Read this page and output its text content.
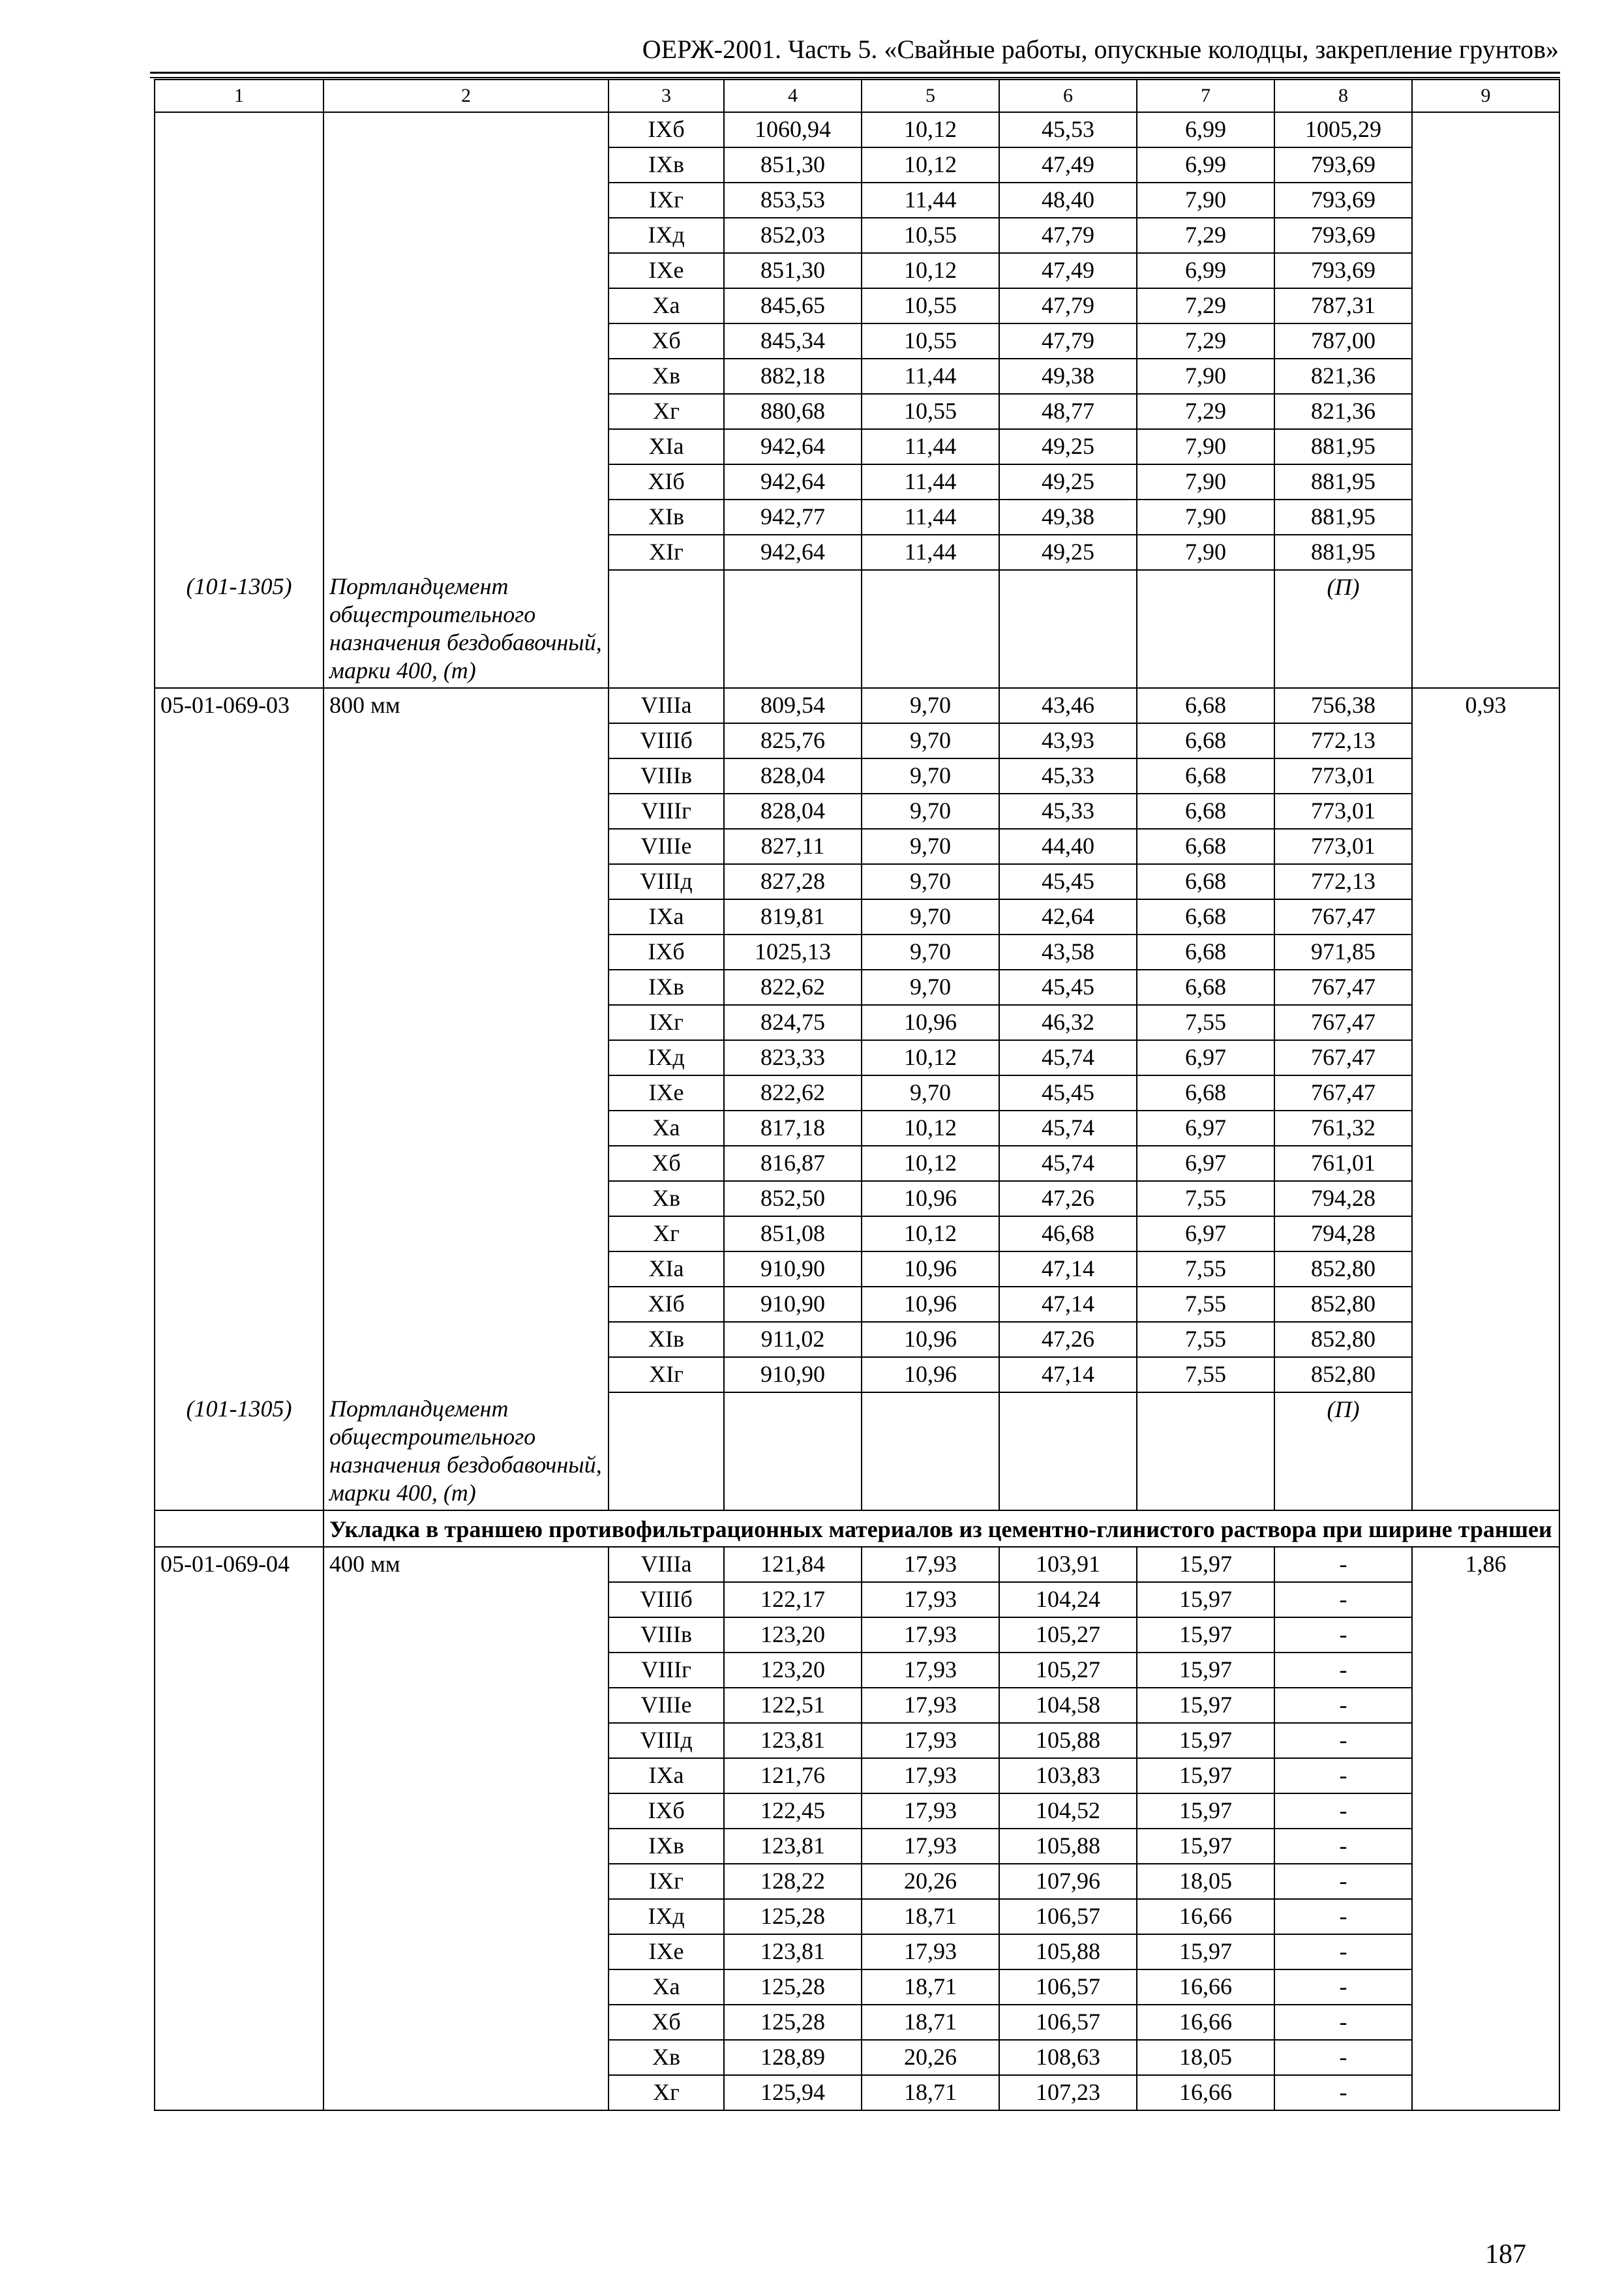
ОЕРЖ-2001. Часть 5. «Свайные работы, опускные колодцы, закрепление грунтов»
1	2	3	4	5	6	7	8	9
		IXб	1060,94	10,12	45,53	6,99	1005,29	
		IXв	851,30	10,12	47,49	6,99	793,69	
		IXг	853,53	11,44	48,40	7,90	793,69	
		IXд	852,03	10,55	47,79	7,29	793,69	
		IXе	851,30	10,12	47,49	6,99	793,69	
		Xа	845,65	10,55	47,79	7,29	787,31	
		Xб	845,34	10,55	47,79	7,29	787,00	
		Xв	882,18	11,44	49,38	7,90	821,36	
		Xг	880,68	10,55	48,77	7,29	821,36	
		XIа	942,64	11,44	49,25	7,90	881,95	
		XIб	942,64	11,44	49,25	7,90	881,95	
		XIв	942,77	11,44	49,38	7,90	881,95	
		XIг	942,64	11,44	49,25	7,90	881,95	
(101-1305)	Портландцемент общестроительного назначения бездобавочный, марки 400, (т)						(П)	
05-01-069-03	800 мм	VIIIа	809,54	9,70	43,46	6,68	756,38	0,93
		VIIIб	825,76	9,70	43,93	6,68	772,13	
		VIIIв	828,04	9,70	45,33	6,68	773,01	
		VIIIг	828,04	9,70	45,33	6,68	773,01	
		VIIIе	827,11	9,70	44,40	6,68	773,01	
		VIIIд	827,28	9,70	45,45	6,68	772,13	
		IXа	819,81	9,70	42,64	6,68	767,47	
		IXб	1025,13	9,70	43,58	6,68	971,85	
		IXв	822,62	9,70	45,45	6,68	767,47	
		IXг	824,75	10,96	46,32	7,55	767,47	
		IXд	823,33	10,12	45,74	6,97	767,47	
		IXе	822,62	9,70	45,45	6,68	767,47	
		Xа	817,18	10,12	45,74	6,97	761,32	
		Xб	816,87	10,12	45,74	6,97	761,01	
		Xв	852,50	10,96	47,26	7,55	794,28	
		Xг	851,08	10,12	46,68	6,97	794,28	
		XIа	910,90	10,96	47,14	7,55	852,80	
		XIб	910,90	10,96	47,14	7,55	852,80	
		XIв	911,02	10,96	47,26	7,55	852,80	
		XIг	910,90	10,96	47,14	7,55	852,80	
(101-1305)	Портландцемент общестроительного назначения бездобавочный, марки 400, (т)						(П)	
	Укладка в траншею противофильтрационных материалов из цементно-глинистого раствора при ширине траншеи							
05-01-069-04	400 мм	VIIIа	121,84	17,93	103,91	15,97	-	1,86
		VIIIб	122,17	17,93	104,24	15,97	-	
		VIIIв	123,20	17,93	105,27	15,97	-	
		VIIIг	123,20	17,93	105,27	15,97	-	
		VIIIе	122,51	17,93	104,58	15,97	-	
		VIIIд	123,81	17,93	105,88	15,97	-	
		IXа	121,76	17,93	103,83	15,97	-	
		IXб	122,45	17,93	104,52	15,97	-	
		IXв	123,81	17,93	105,88	15,97	-	
		IXг	128,22	20,26	107,96	18,05	-	
		IXд	125,28	18,71	106,57	16,66	-	
		IXе	123,81	17,93	105,88	15,97	-	
		Xа	125,28	18,71	106,57	16,66	-	
		Xб	125,28	18,71	106,57	16,66	-	
		Xв	128,89	20,26	108,63	18,05	-	
		Xг	125,94	18,71	107,23	16,66	-	
187
